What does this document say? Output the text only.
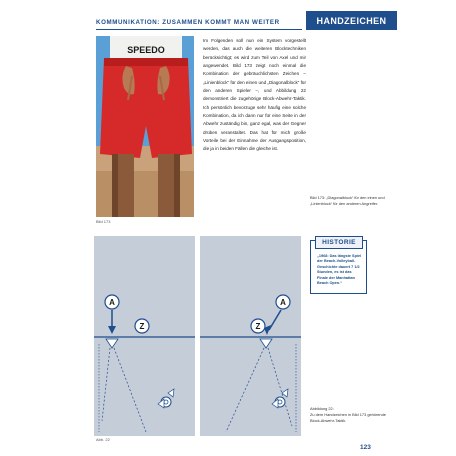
KOMMUNIKATION: ZUSAMMEN KOMMT MAN WEITER	HANDZEICHEN
SPEEDO
Bild 173
Im Folgenden soll nun ein System vorgestellt werden, das auch die weiteren Blocktechniken berücksichtigt; es wird zum Teil von Axel und mir angewendet. Bild 173 zeigt noch einmal die Kombination der gebräuchlichsten Zeichen – „Linienblock“ für den einen und „Diagonalblock“ für den anderen Spieler –, und Abbildung 22 demonstriert die zugehörige Block-Abwehr-Taktik. Ich persönlich bevorzuge sehr häufig eine solche Kombination, da ich dann nur für eine Seite in der Abwehr zuständig bin, ganz egal, was der Gegner drüben veranstaltet. Das hat für mich große Vorteile bei der Einnahme der Ausgangsposition, die ja in beiden Fällen die gleiche ist.
Bild 173: „Diagonalblock“ für den einen und „Linienblock“ für den anderen Angreifer.
HISTORIE
„1968: Das längste Spiel der Beach-Volleyball-Geschichte dauert 7 1/2 Stunden, es ist das Finale der Manhattan Beach Open.“
A
Z
A
Z
Abb. 22
Abbildung 22:
Zu dem Handzeichen in Bild 173 gehörende Block-Abwehr-Taktik.
123
